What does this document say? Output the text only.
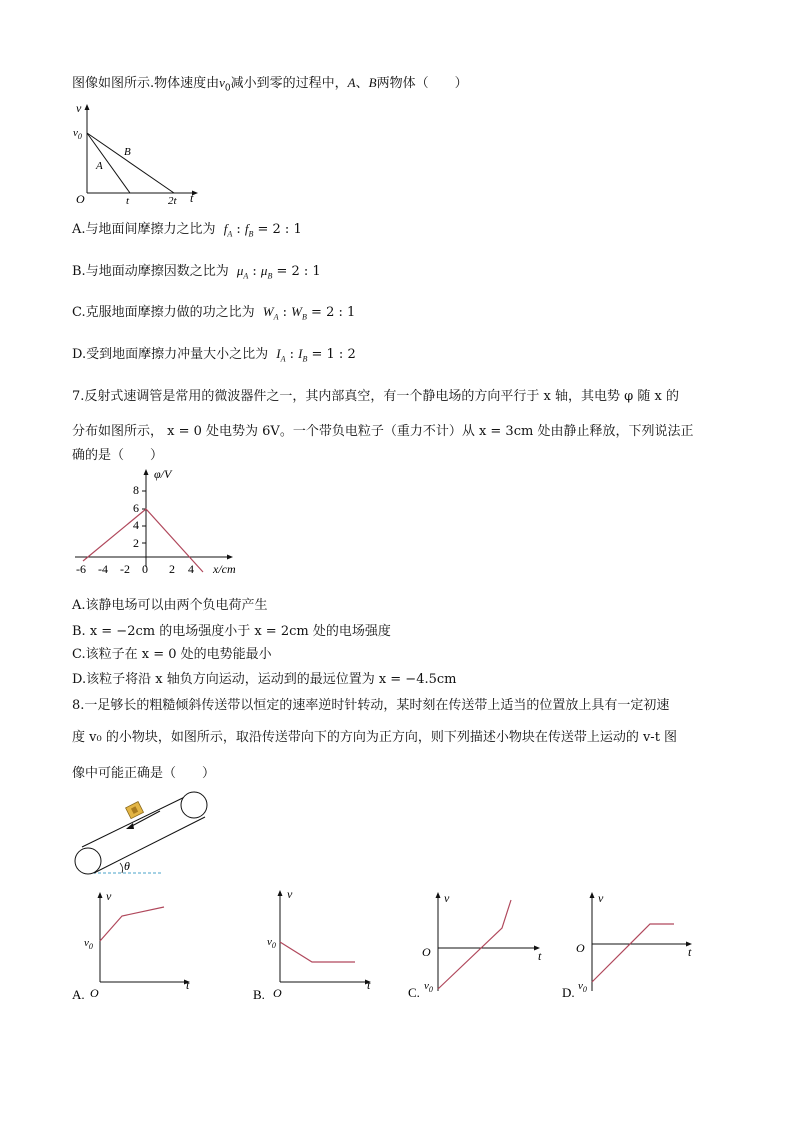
图像如图所示.物体速度由$v_0$减小到零的过程中，A、B两物体（　　）
v
$v_0$
A
B
O	t	2t t
A.与地面间摩擦力之比为 $f_A$ : $f_B = 2$ : 1
B.与地面动摩擦因数之比为 $\mu_A$ : $\mu_B = 2$ : 1
C.克服地面摩擦力做的功之比为 $W_A$ : $W_B = 2$ : 1
D.受到地面摩擦力冲量大小之比为 $I_A$ : $I_B = 1$ : 2
7.反射式速调管是常用的微波器件之一，其内部真空，有一个静电场的方向平行于 x 轴，其电势 φ 随 x 的
分布如图所示， x = 0 处电势为 6V。一个带负电粒子（重力不计）从 x = 3cm 处由静止释放，下列说法正
确的是（　　）
φ/V
8
6
4
2
-6 -4 -2 0 2 4 x/cm
A.该静电场可以由两个负电荷产生
B. x = −2cm 的电场强度小于 x = 2cm 处的电场强度
C.该粒子在 x = 0 处的电势能最小
D.该粒子将沿 x 轴负方向运动，运动到的最远位置为 x = −4.5cm
8.一足够长的粗糙倾斜传送带以恒定的速率逆时针转动，某时刻在传送带上适当的位置放上具有一定初速
度 v₀ 的小物块，如图所示，取沿传送带向下的方向为正方向，则下列描述小物块在传送带上运动的 v-t 图
像中可能正确是（　　）
θ
v
$v_0$
O
t
A.
v
$v_0$
O
t
B.
v
O	t
$v_0$
C.
v
O	t
$v_0$
D.
